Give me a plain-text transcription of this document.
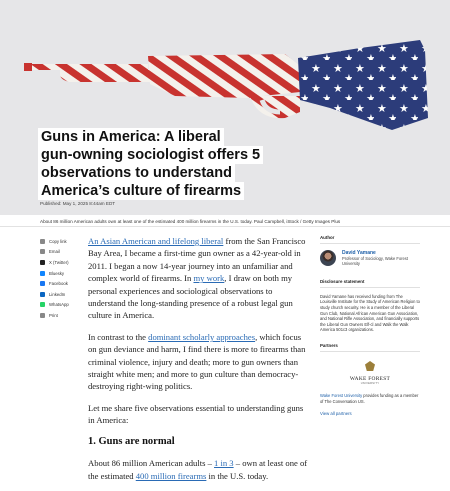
Guns in America: A liberal
gun-owning sociologist offers 5
observations to understand
America’s culture of firearms
Published: May 1, 2025 8:44am EDT
About 86 million American adults own at least one of the estimated 400 million firearms in the U.S. today. Paul Campbell, iStock / Getty Images Plus
Copy link
Email
X (Twitter)
Bluesky
Facebook
LinkedIn
WhatsApp
Print

An Asian American and lifelong liberal from the San Francisco Bay Area, I became a first-time gun owner as a 42-year-old in 2011. I began a now 14-year journey into an unfamiliar and complex world of firearms. In my work, I draw on both my personal experiences and sociological observations to understand the long-standing presence of a robust legal gun culture in America.

In contrast to the dominant scholarly approaches, which focus on gun deviance and harm, I find there is more to firearms than criminal violence, injury and death; more to gun owners than straight white men; and more to gun culture than democracy-destroying right-wing politics.

Let me share five observations essential to understanding guns in America:

1. Guns are normal

About 86 million American adults – 1 in 3 – own at least one of the estimated 400 million firearms in the U.S. today.

Author
David Yamane
Professor of Sociology, Wake Forest University
Disclosure statement
David Yamane has received funding from The Louisville Institute for the Study of American Religion to study church security. He is a member of the Liberal Gun Club, National African American Gun Association, and National Rifle Association, and financially supports the Liberal Gun Owners Elf-cl and Walk the Walk America 501c3 organizations.
Partners
WAKE FOREST
UNIVERSITY
Wake Forest University provides funding as a member of The Conversation US.
View all partners
